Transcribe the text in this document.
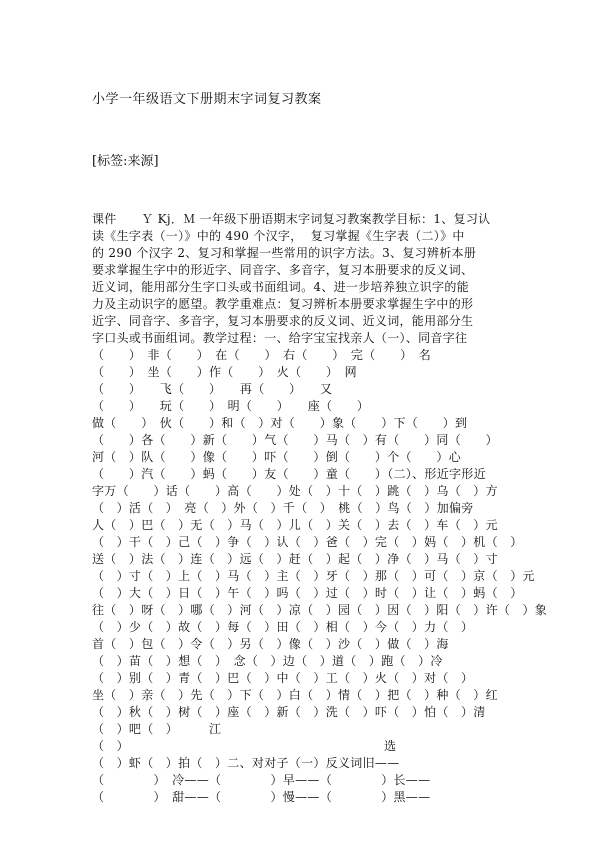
小学一年级语文下册期末字词复习教案
[标签:来源]
课件　　Ｙ Kj．Ｍ 一年级下册语期末字词复习教案教学目标：1、复习认
读《生字表（一）》中的 490 个汉字，  复习掌握《生字表（二）》中
的 290 个汉字 2、复习和掌握一些常用的识字方法。3、复习辨析本册
要求掌握生字中的形近字、同音字、多音字，复习本册要求的反义词、
近义词，能用部分生字口头或书面组词。4、进一步培养独立识字的能
力及主动识字的愿望。教学重难点：复习辨析本册要求掌握生字中的形
近字、同音字、多音字，复习本册要求的反义词、近义词，能用部分生
字口头或书面组词。教学过程：一、给字宝宝找亲人（一）、同音字往
（　　）　非（　　）　在（　　）　右（　　）　完（　　）　名
（　　）　坐（　　）作（　　）　火（　　）　网
（　　）　　飞（　　）　　再（　　）　　又
（　　）　　玩（　　）　明（　　）　　座（　　）
做（　　）　伙（　　）和（　）对（　　）象（　　）下（　　）到
（　　）各（　　）新（　　）气（　　）马（　）有（　　）同（　　）
河（　）队（　　）像（　　）吓（　　）倒（　　）个（　　）心
（　　）汽（　　）蚂（　　）友（　　）童（　　）（二）、形近字形近
字万（　　）话（　　）高（　　）处（　）十（　）跳（　）乌（　）方
（　）活（　）　亮（　）外（　）千（　）　桃（　）鸟（　）加偏旁
人（　）巴（　）无（　）马（　）儿（　）关（　）去（　）车（　）元
（　）干（　）己（　）争（　）认（　）爸（　）完（　）妈（　）机（　）
送（　）法（　）连（　）远（　）赶（　）起（　）净（　）马（　）寸
（　）寸（　）上（　）马（　）主（　）牙（　）那（　）可（　）京（　）元
（　）大（　）日（　）午（　）吗（　）过（　）时（　）让（　）蚂（　）
往（　）呀（　）哪（　）河（　）凉（　）园（　）因（　）阳（　）许（　）象
（　）少（　）故（　）每（　）田（　）相（　）今（　）力（　）
首（　）包（　）令（　）另（　）像（　）沙（　）做（　）海
（　）苗（　）想（　）　念（　）边（　）道（　）跑（　）冷
（　）别（　）青（　）巴（　）中（　）工（　）火（　）对（　）
坐（　）亲（　）先（　）下（　）白（　）情（　）把（　）种（　）红
（　）秋（　）树（　）座（　）新（　）洗（　）吓（　）怕（　）清
（　）吧（　）　　　江
（　）                                                              选
（　）虾（　）拍（　）二、对对子（一）反义词旧——
（　　　　）　冷——（　　　　）早——（　　　　）长——
（　　　　）　甜——（　　　　）慢——（　　　　）黑——
